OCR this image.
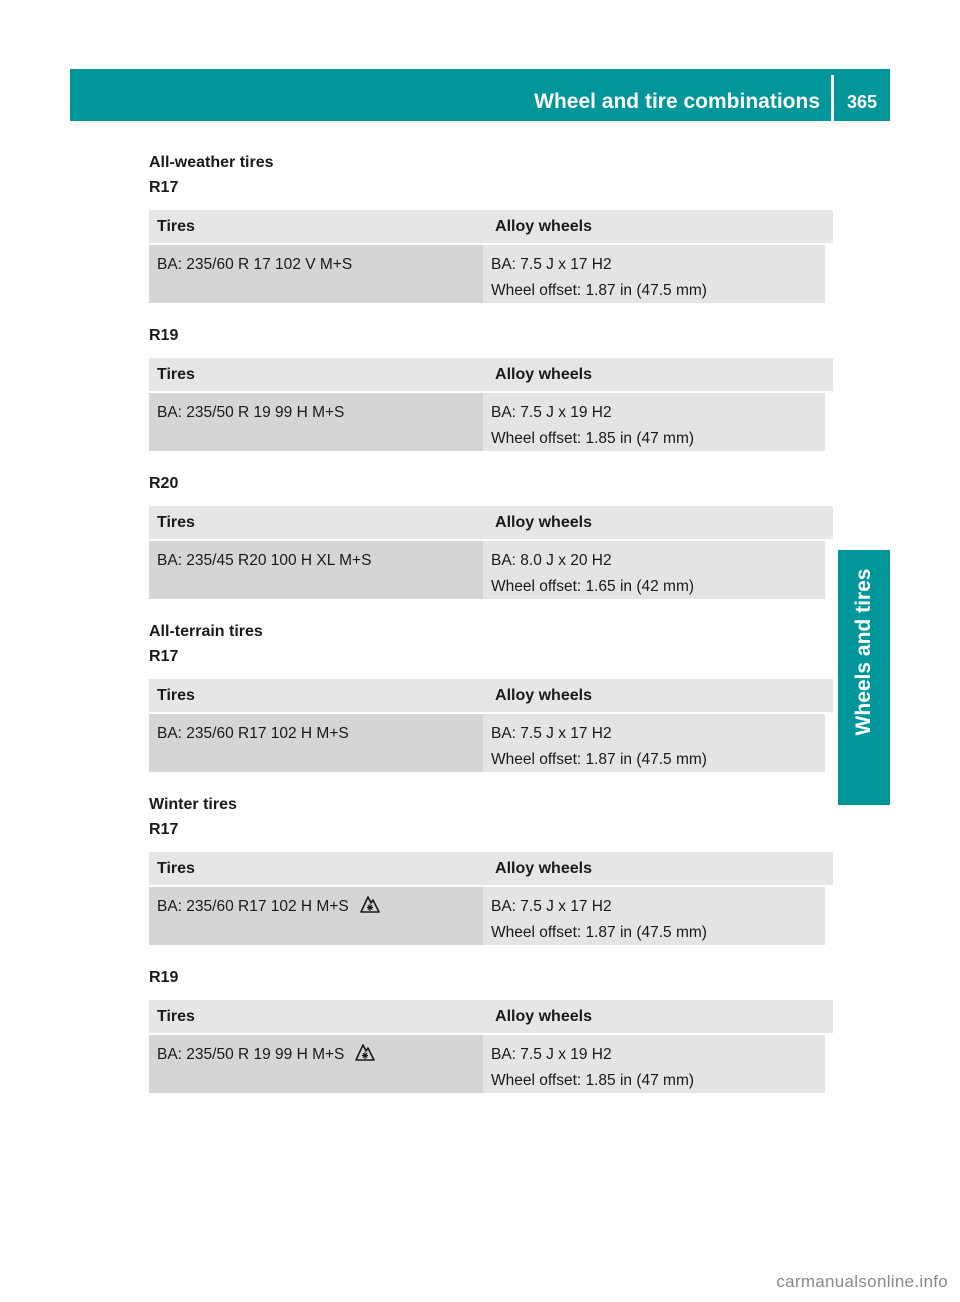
Wheel and tire combinations	365
Wheels and tires
All-weather tires
R17
Tires	Alloy wheels
BA: 235/60 R 17 102 V M+S	BA: 7.5 J x 17 H2
Wheel offset: 1.87 in (47.5 mm)
R19
Tires	Alloy wheels
BA: 235/50 R 19 99 H M+S	BA: 7.5 J x 19 H2
Wheel offset: 1.85 in (47 mm)
R20
Tires	Alloy wheels
BA: 235/45 R20 100 H XL M+S	BA: 8.0 J x 20 H2
Wheel offset: 1.65 in (42 mm)
All-terrain tires
R17
Tires	Alloy wheels
BA: 235/60 R17 102 H M+S	BA: 7.5 J x 17 H2
Wheel offset: 1.87 in (47.5 mm)
Winter tires
R17
Tires	Alloy wheels
BA: 235/60 R17 102 H M+S	BA: 7.5 J x 17 H2
Wheel offset: 1.87 in (47.5 mm)
R19
Tires	Alloy wheels
BA: 235/50 R 19 99 H M+S	BA: 7.5 J x 19 H2
Wheel offset: 1.85 in (47 mm)
carmanualsonline.info
